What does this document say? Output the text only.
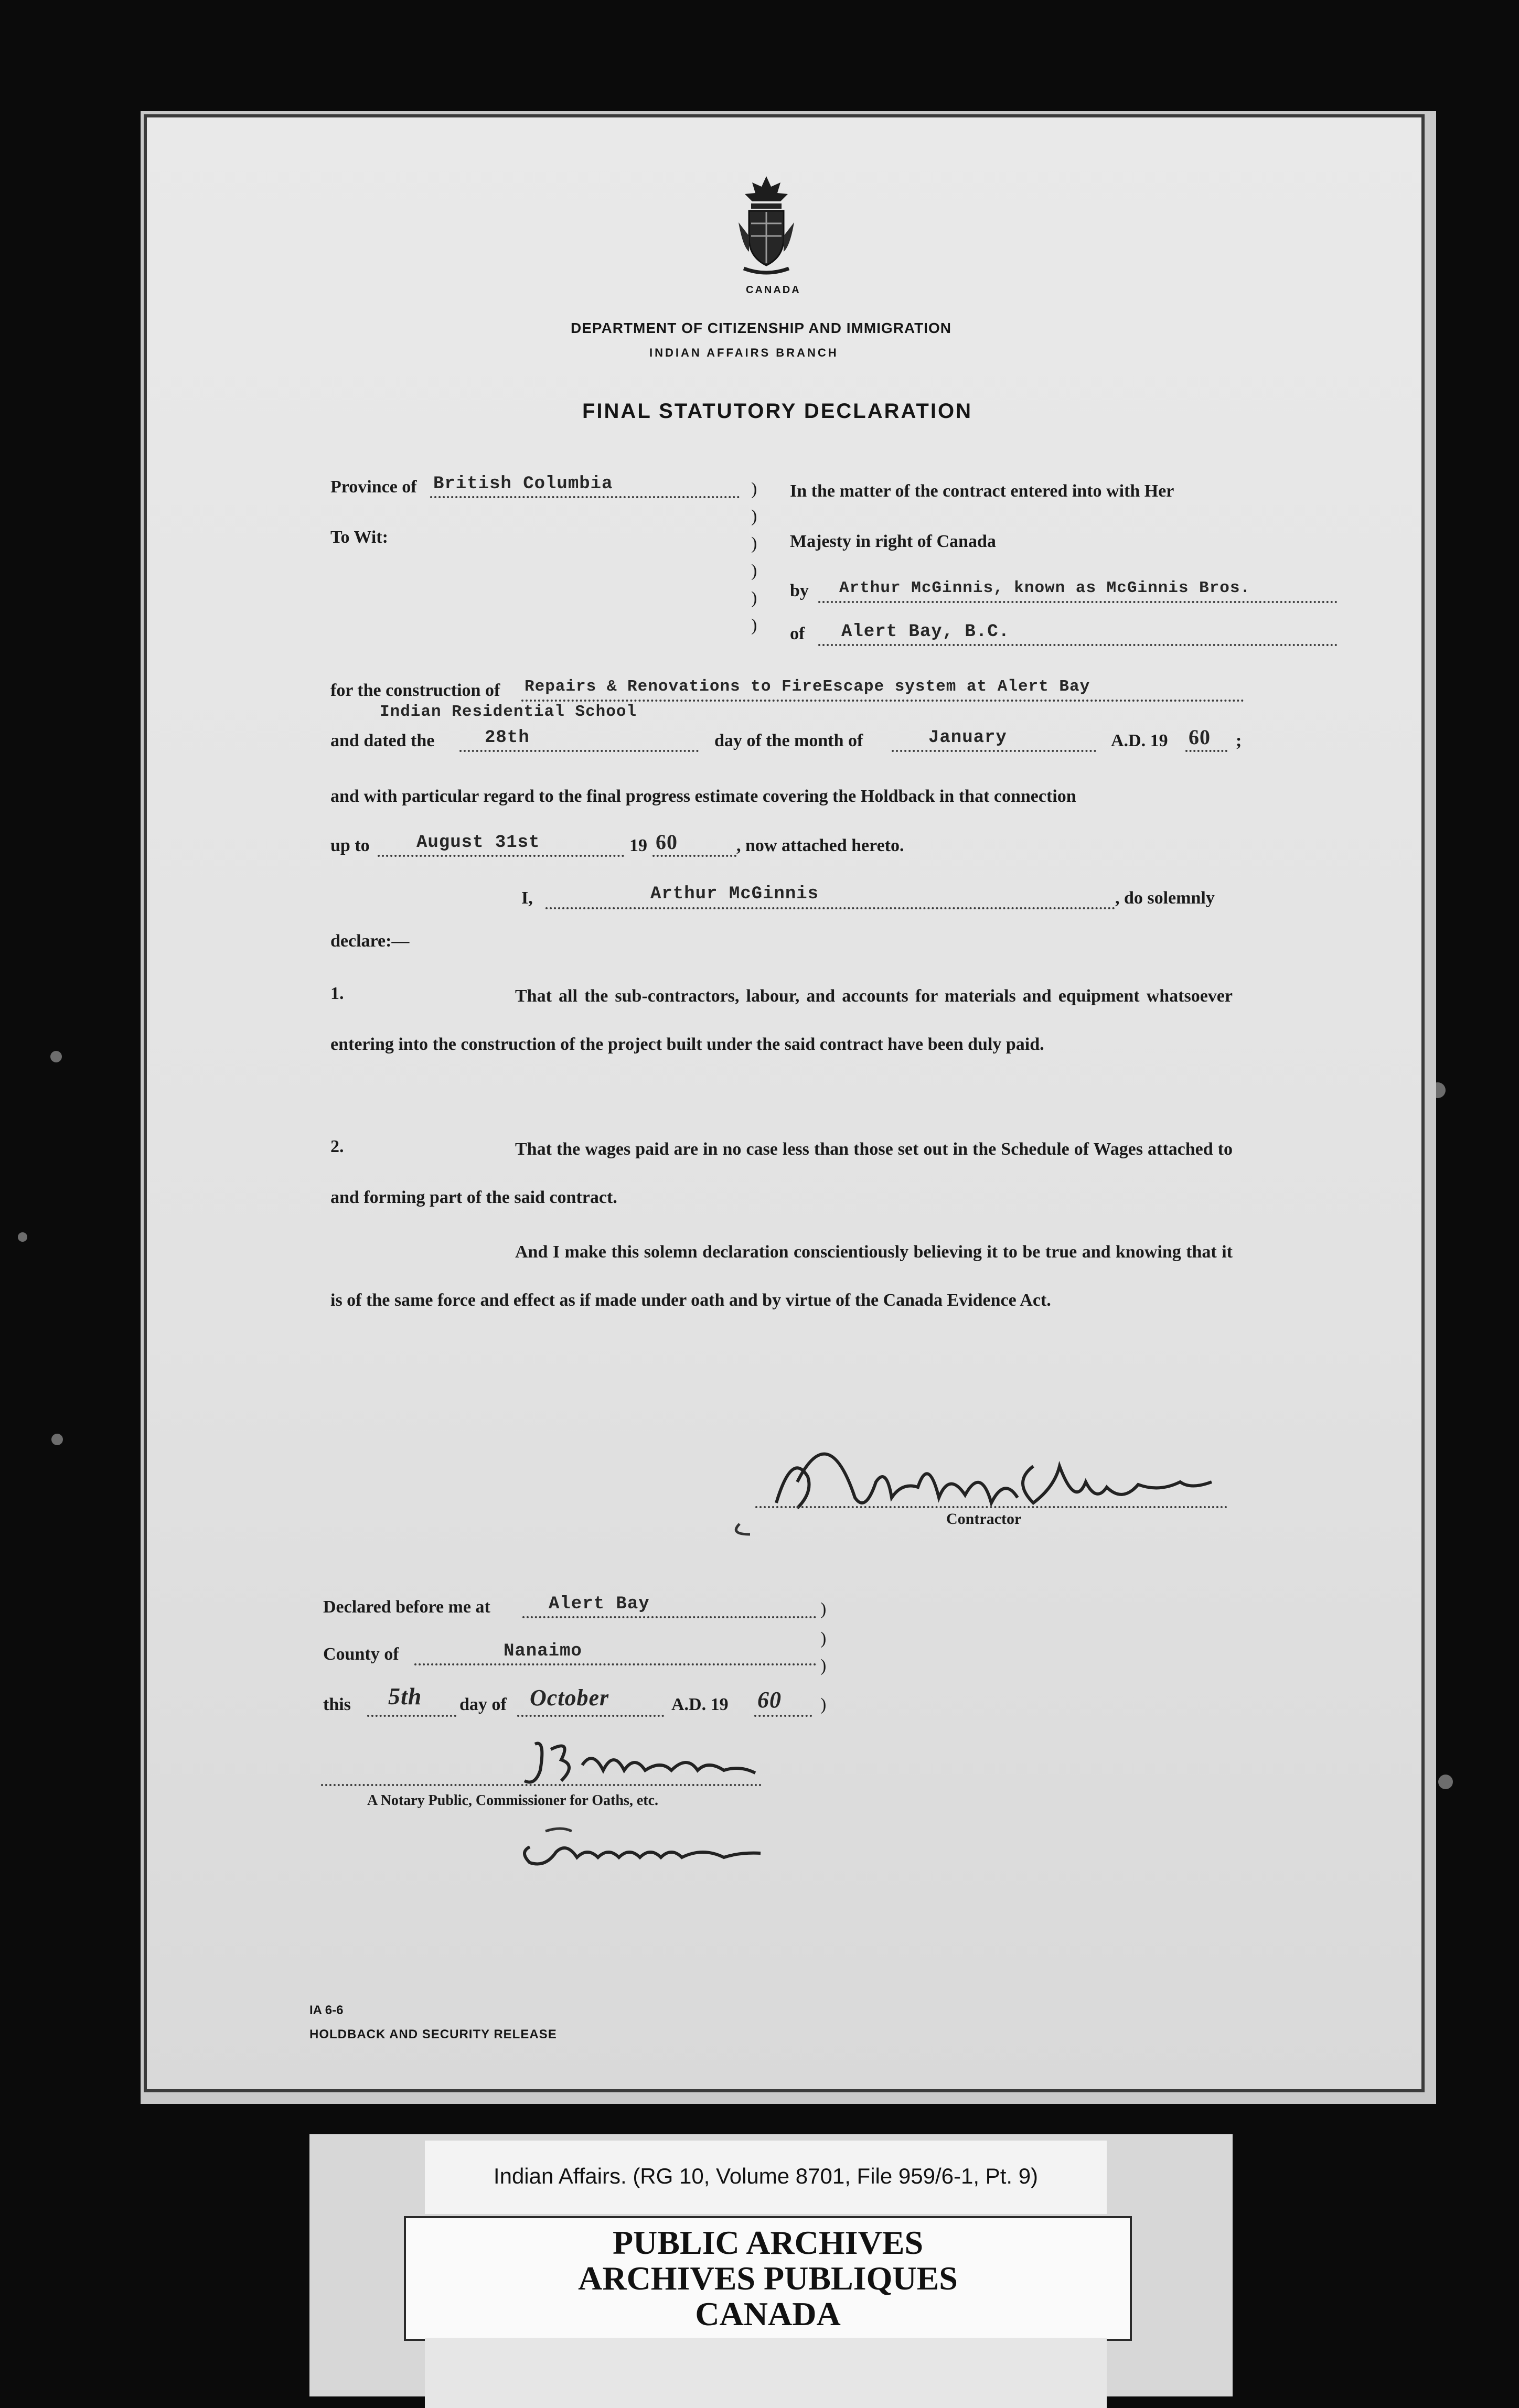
CANADA
DEPARTMENT OF CITIZENSHIP AND IMMIGRATION
INDIAN AFFAIRS BRANCH
FINAL STATUTORY DECLARATION
Province of British Columbia
To Wit:
)
)
)
)
)
)
In the matter of the contract entered into with Her
Majesty in right of Canada
by Arthur McGinnis, known as McGinnis Bros.
of Alert Bay, B.C.
for the construction of Repairs & Renovations to FireEscape system at Alert Bay
Indian Residential School
and dated the	28th	day of the month of	January	A.D. 19 60 ;
and with particular regard to the final progress estimate covering the Holdback in that connection
up to	August 31st	19 60	, now attached hereto.
I,	Arthur McGinnis	, do solemnly
declare:—
1.	That all the sub-contractors, labour, and accounts for materials and equipment whatsoever entering into the construction of the project built under the said contract have been duly paid.

2.	That the wages paid are in no case less than those set out in the Schedule of Wages attached to and forming part of the said contract.

And I make this solemn declaration conscientiously believing it to be true and knowing that it is of the same force and effect as if made under oath and by virtue of the Canada Evidence Act.

Contractor
Declared before me at	Alert Bay	)
County of	Nanaimo
)
)
this 5th day of October	A.D. 19 60 )
A Notary Public, Commissioner for Oaths, etc.
IA 6-6
HOLDBACK AND SECURITY RELEASE
Indian Affairs. (RG 10, Volume 8701, File 959/6-1, Pt. 9)
PUBLIC ARCHIVES
ARCHIVES PUBLIQUES
CANADA
